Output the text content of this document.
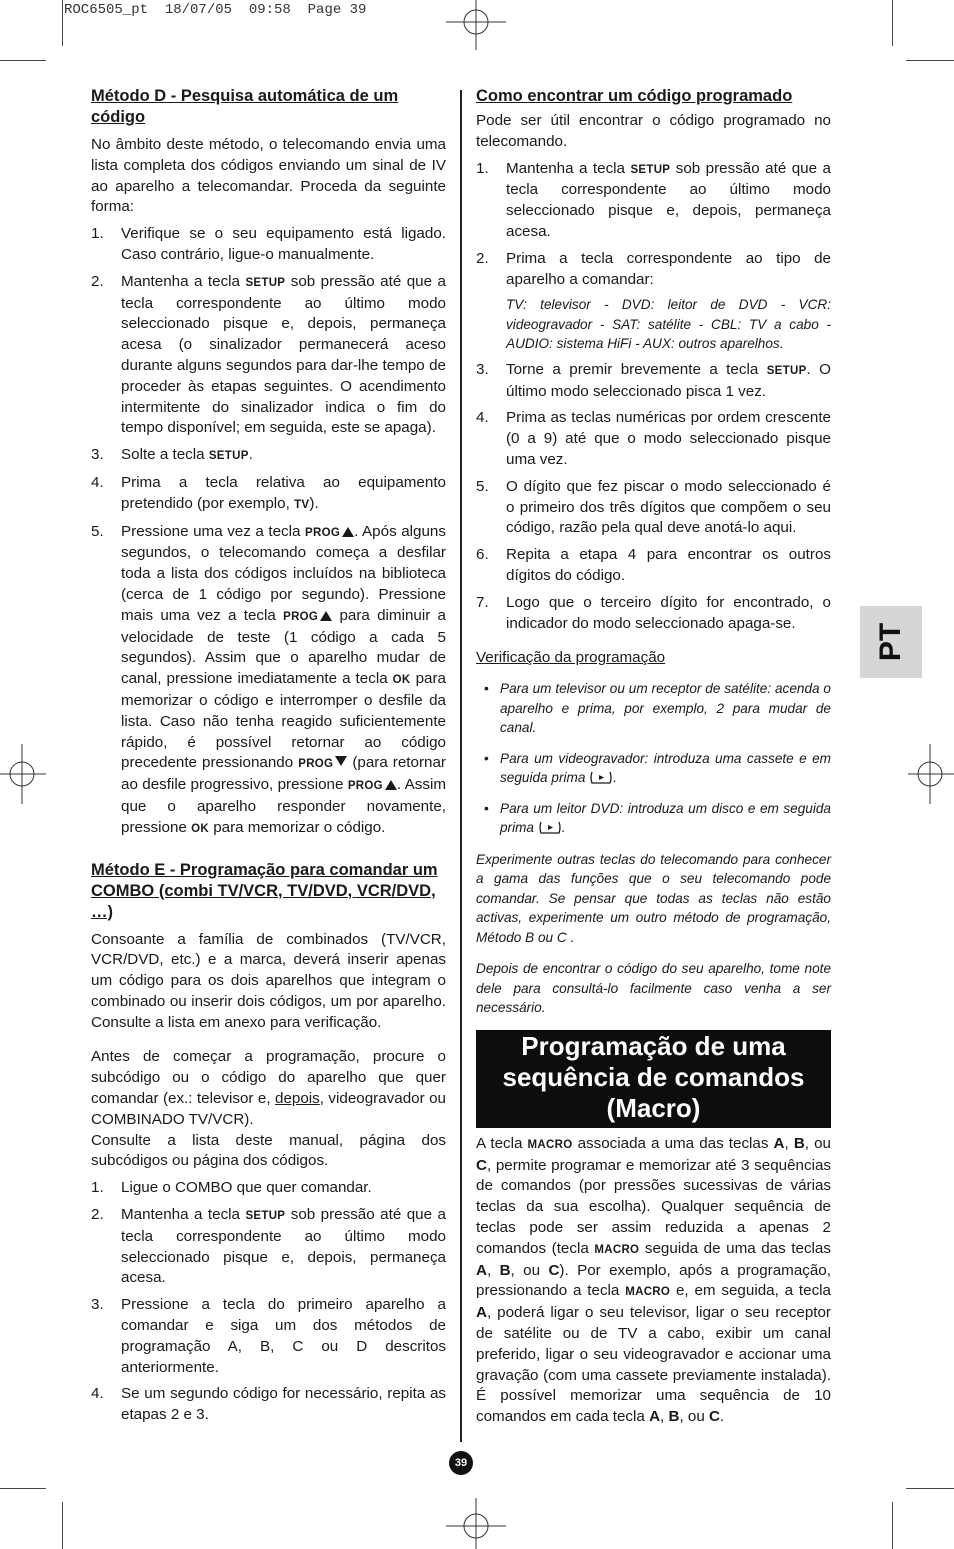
ROC6505_pt  18/07/05  09:58  Page 39
Método D - Pesquisa automática de um código

No âmbito deste método, o telecomando envia uma lista completa dos códigos enviando um sinal de IV ao aparelho a telecomandar. Proceda da seguinte forma:

1. Verifique se o seu equipamento está ligado. Caso contrário, ligue-o manualmente.
2. Mantenha a tecla SETUP sob pressão até que a tecla correspondente ao último modo seleccionado pisque e, depois, permaneça acesa (o sinalizador permanecerá aceso durante alguns segundos para dar-lhe tempo de proceder às etapas seguintes. O acendimento intermitente do sinalizador indica o fim do tempo disponível; em seguida, este se apaga).
3. Solte a tecla SETUP.
4. Prima a tecla relativa ao equipamento pretendido (por exemplo, TV).
5. Pressione uma vez a tecla PROG . Após alguns segundos, o telecomando começa a desfilar toda a lista dos códigos incluídos na biblioteca (cerca de 1 código por segundo). Pressione mais uma vez a tecla PROG para diminuir a velocidade de teste (1 código a cada 5 segundos). Assim que o aparelho mudar de canal, pressione imediatamente a tecla OK para memorizar o código e interromper o desfile da lista. Caso não tenha reagido suficientemente rápido, é possível retornar ao código precedente pressionando PROG (para retornar ao desfile progressivo, pressione PROG . Assim que o aparelho responder novamente, pressione OK para memorizar o código.
Método E - Programação para comandar um COMBO (combi TV/VCR, TV/DVD, VCR/DVD, …)

Consoante a família de combinados (TV/VCR, VCR/DVD, etc.) e a marca, deverá inserir apenas um código para os dois aparelhos que integram o combinado ou inserir dois códigos, um por aparelho. Consulte a lista em anexo para verificação.

Antes de começar a programação, procure o subcódigo ou o código do aparelho que quer comandar (ex.: televisor e, depois, videogravador ou COMBINADO TV/VCR).

Consulte a lista deste manual, página dos subcódigos ou página dos códigos.

1. Ligue o COMBO que quer comandar.
2. Mantenha a tecla SETUP sob pressão até que a tecla correspondente ao último modo seleccionado pisque e, depois, permaneça acesa.
3. Pressione a tecla do primeiro aparelho a comandar e siga um dos métodos de programação A, B, C ou D descritos anteriormente.
4. Se um segundo código for necessário, repita as etapas 2 e 3.
Como encontrar um código programado

Pode ser útil encontrar o código programado no telecomando.

1. Mantenha a tecla SETUP sob pressão até que a tecla correspondente ao último modo seleccionado pisque e, depois, permaneça acesa.
2. Prima a tecla correspondente ao tipo de aparelho a comandar:
TV: televisor - DVD: leitor de DVD - VCR: videogravador - SAT: satélite - CBL: TV a cabo - AUDIO: sistema HiFi - AUX: outros aparelhos.
3. Torne a premir brevemente a tecla SETUP. O último modo seleccionado pisca 1 vez.
4. Prima as teclas numéricas por ordem crescente (0 a 9) até que o modo seleccionado pisque uma vez.
5. O dígito que fez piscar o modo seleccionado é o primeiro dos três dígitos que compõem o seu código, razão pela qual deve anotá-lo aqui.
6. Repita a etapa 4 para encontrar os outros dígitos do código.
7. Logo que o terceiro dígito for encontrado, o indicador do modo seleccionado apaga-se.
Verificação da programação
• Para um televisor ou um receptor de satélite: acenda o aparelho e prima, por exemplo, 2 para mudar de canal.
• Para um videogravador: introduza uma cassete e em seguida prima .
• Para um leitor DVD: introduza um disco e em seguida prima .
Experimente outras teclas do telecomando para conhecer a gama das funções que o seu telecomando pode comandar. Se pensar que todas as teclas não estão activas, experimente um outro método de programação, Método B ou C .
Depois de encontrar o código do seu aparelho, tome note dele para consultá-lo facilmente caso venha a ser necessário.
Programação de uma
sequência de comandos
(Macro)

A tecla MACRO associada a uma das teclas A, B, ou C, permite programar e memorizar até 3 sequências de comandos (por pressões sucessivas de várias teclas da sua escolha). Qualquer sequência de teclas pode ser assim reduzida a apenas 2 comandos (tecla MACRO seguida de uma das teclas A, B, ou C). Por exemplo, após a programação, pressionando a tecla MACRO e, em seguida, a tecla A, poderá ligar o seu televisor, ligar o seu receptor de satélite ou de TV a cabo, exibir um canal preferido, ligar o seu videogravador e accionar uma gravação (com uma cassete previamente instalada). É possível memorizar uma sequência de 10 comandos em cada tecla A, B, ou C.

PT
39
